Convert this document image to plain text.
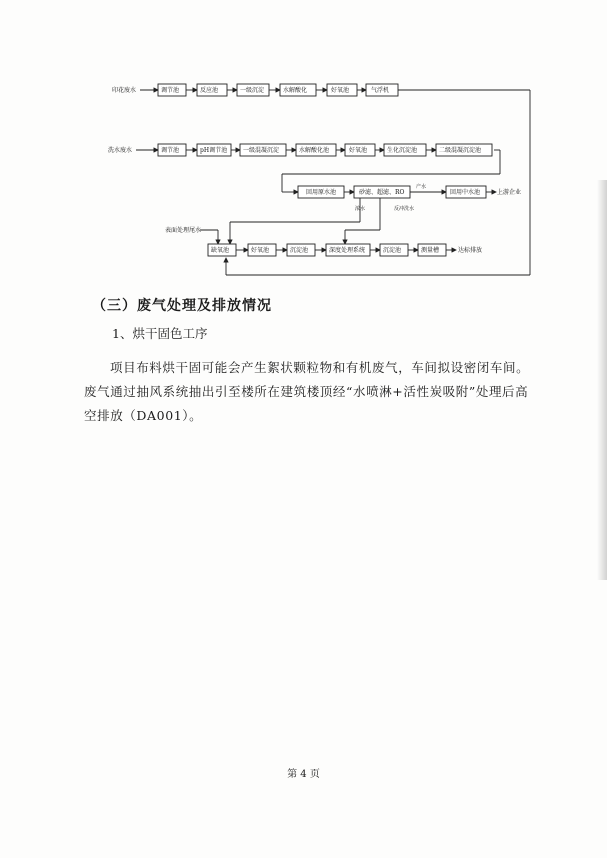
印花废水	调节池	反应池	一级沉淀	水解酸化	好氧池	气浮机
洗水废水	调节池	pH调节池	一级混凝沉淀	水解酸化池	好氧池	生化沉淀池	二级混凝沉淀池
回用原水池	砂滤、超滤、RO
产水
回用中水池	上游企业
浓水	反冲洗水
表面处理尾水
缺氧池	好氧池	沉淀池	深度处理系统	沉淀池	测量槽	达标排放
（三）废气处理及排放情况
1、烘干固色工序
项目布料烘干固可能会产生絮状颗粒物和有机废气，车间拟设密闭车间。废气通过抽风系统抽出引至楼所在建筑楼顶经“水喷淋+活性炭吸附”处理后高空排放（DA001）。
第 4 页
